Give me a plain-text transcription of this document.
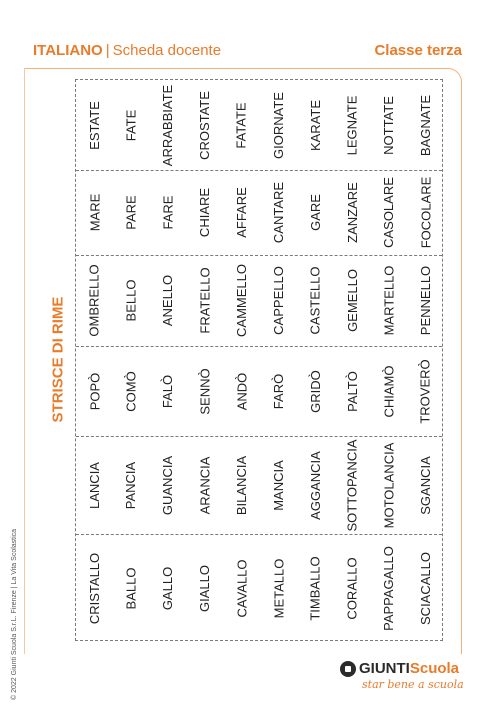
ITALIANO | Scheda docente	Classe terza
STRISCE DI RIME
CRISTALLO
LANCIA
POPÒ
OMBRELLO
MARE
ESTATE
BALLO
PANCIA
COMÒ
BELLO
PARE
FATE
GALLO
GUANCIA
FALÒ
ANELLO
FARE
ARRABBIATE
GIALLO
ARANCIA
SENNÒ
FRATELLO
CHIARE
CROSTATE
CAVALLO
BILANCIA
ANDÒ
CAMMELLO
AFFARE
FATATE
METALLO
MANCIA
FARÒ
CAPPELLO
CANTARE
GIORNATE
TIMBALLO
AGGANCIA
GRIDÒ
CASTELLO
GARE
KARATE
CORALLO
SOTTOPANCIA
PALTÒ
GEMELLO
ZANZARE
LEGNATE
PAPPAGALLO
MOTOLANCIA
CHIAMÒ
MARTELLO
CASOLARE
NOTTATE
SCIACALLO
SGANCIA
TROVERÒ
PENNELLO
FOCOLARE
BAGNATE
© 2022 Giunti Scuola S.r.L. Firenze | La Vita Scolastica	GIUNTI Scuola
star bene a scuola
